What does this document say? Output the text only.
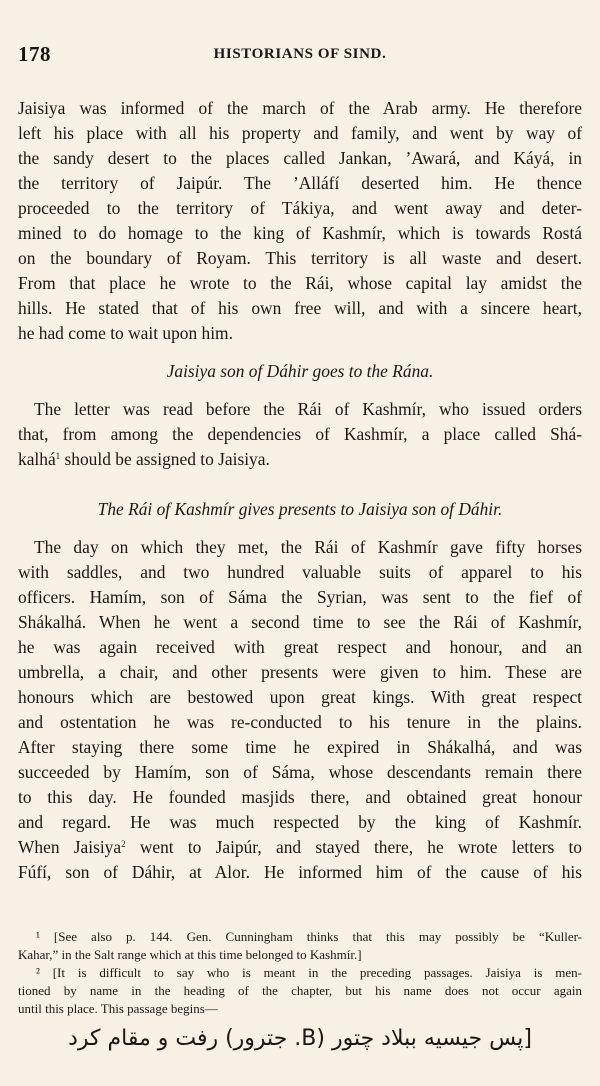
178	HISTORIANS OF SIND.
Jaisiya was informed of the march of the Arab army. He therefore
left his place with all his property and family, and went by way of
the sandy desert to the places called Jankan, ’Awará, and Káyá, in
the territory of Jaipúr. The ’Alláfí deserted him. He thence
proceeded to the territory of Tákiya, and went away and deter-
mined to do homage to the king of Kashmír, which is towards Rostá
on the boundary of Royam. This territory is all waste and desert.
From that place he wrote to the Rái, whose capital lay amidst the
hills. He stated that of his own free will, and with a sincere heart,
he had come to wait upon him.
Jaisiya son of Dáhir goes to the Rána.
The letter was read before the Rái of Kashmír, who issued orders
that, from among the dependencies of Kashmír, a place called Shá-
kalhá$^1$ should be assigned to Jaisiya.
The Rái of Kashmír gives presents to Jaisiya son of Dáhir.
The day on which they met, the Rái of Kashmír gave fifty horses
with saddles, and two hundred valuable suits of apparel to his
officers. Hamím, son of Sáma the Syrian, was sent to the fief of
Shákalhá. When he went a second time to see the Rái of Kashmír,
he was again received with great respect and honour, and an
umbrella, a chair, and other presents were given to him. These are
honours which are bestowed upon great kings. With great respect
and ostentation he was re-conducted to his tenure in the plains.
After staying there some time he expired in Shákalhá, and was
succeeded by Hamím, son of Sáma, whose descendants remain there
to this day. He founded masjids there, and obtained great honour
and regard. He was much respected by the king of Kashmír.
When Jaisiya$^2$ went to Jaipúr, and stayed there, he wrote letters to
Fúfí, son of Dáhir, at Alor. He informed him of the cause of his
¹ [See also p. 144. Gen. Cunningham thinks that this may possibly be “Kuller-
Kahar,” in the Salt range which at this time belonged to Kashmír.]
² [It is difficult to say who is meant in the preceding passages. Jaisiya is men-
tioned by name in the heading of the chapter, but his name does not occur again
until this place. This passage begins—
[پس جیسیه ببلاد چتور (B. جترور) رفت و مقام کرد
